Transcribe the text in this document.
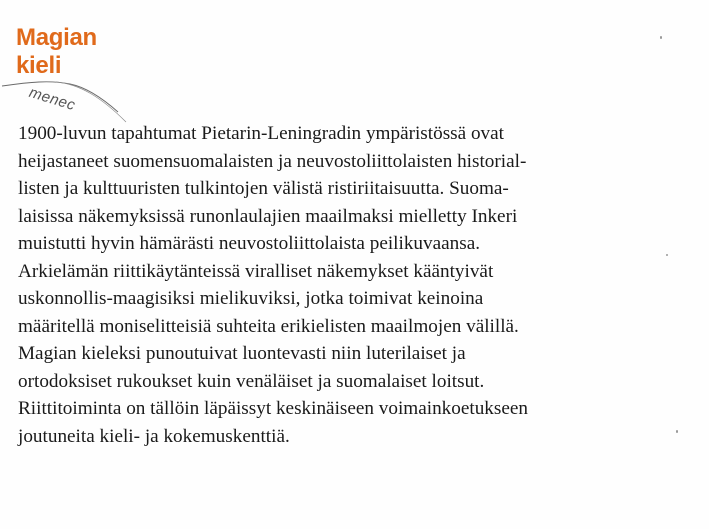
Magian
kieli
menec
1900-luvun tapahtumat Pietarin-Leningradin ympäristössä ovat
heijastaneet suomensuomalaisten ja neuvostoliittolaisten historial-
listen ja kulttuuristen tulkintojen välistä ristiriitaisuutta. Suoma-
laisissa näkemyksissä runonlaulajien maailmaksi mielletty Inkeri
muistutti hyvin hämärästi neuvostoliittolaista peilikuvaansa.
Arkielämän riittikäytänteissä viralliset näkemykset kääntyivät
uskonnollis-maagisiksi mielikuviksi, jotka toimivat keinoina
määritellä moniselitteisiä suhteita erikielisten maailmojen välillä.
Magian kieleksi punoutuivat luontevasti niin luterilaiset ja
ortodoksiset rukoukset kuin venäläiset ja suomalaiset loitsut.
Riittitoiminta on tällöin läpäissyt keskinäiseen voimainkoetukseen
joutuneita kieli- ja kokemuskenttiä.
